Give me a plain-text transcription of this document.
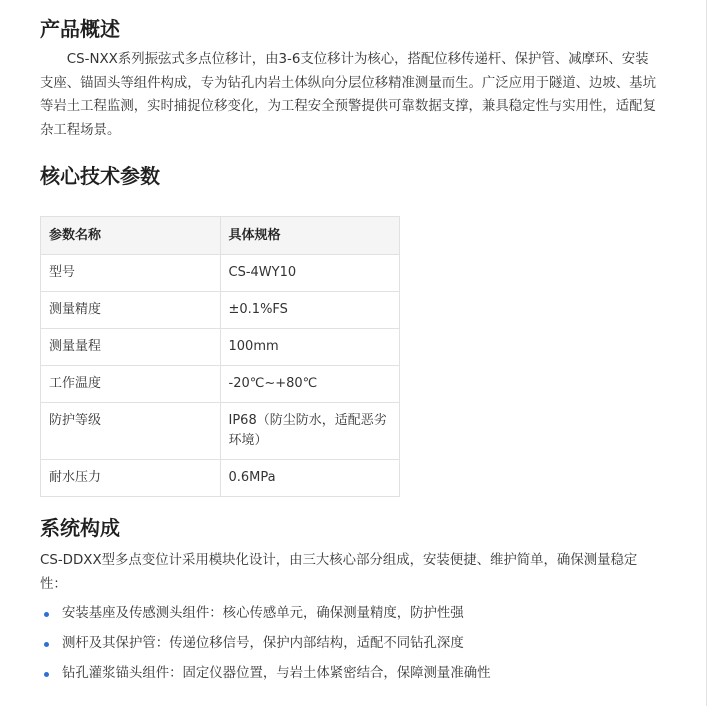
产品概述

CS-NXX系列振弦式多点位移计，由3-6支位移计为核心，搭配位移传递杆、保护管、减摩环、安装支座、锚固头等组件构成，专为钻孔内岩土体纵向分层位移精准测量而生。广泛应用于隧道、边坡、基坑等岩土工程监测，实时捕捉位移变化，为工程安全预警提供可靠数据支撑，兼具稳定性与实用性，适配复杂工程场景。

核心技术参数
参数名称	具体规格
型号	CS-4WY10
测量精度	±0.1%FS
测量量程	100mm
工作温度	-20℃~+80℃
防护等级	IP68（防尘防水，适配恶劣环境）
耐水压力	0.6MPa
系统构成

CS-DDXX型多点变位计采用模块化设计，由三大核心部分组成，安装便捷、维护简单，确保测量稳定性：

安装基座及传感测头组件：核心传感单元，确保测量精度，防护性强
测杆及其保护管：传递位移信号，保护内部结构，适配不同钻孔深度
钻孔灌浆锚头组件：固定仪器位置，与岩土体紧密结合，保障测量准确性
